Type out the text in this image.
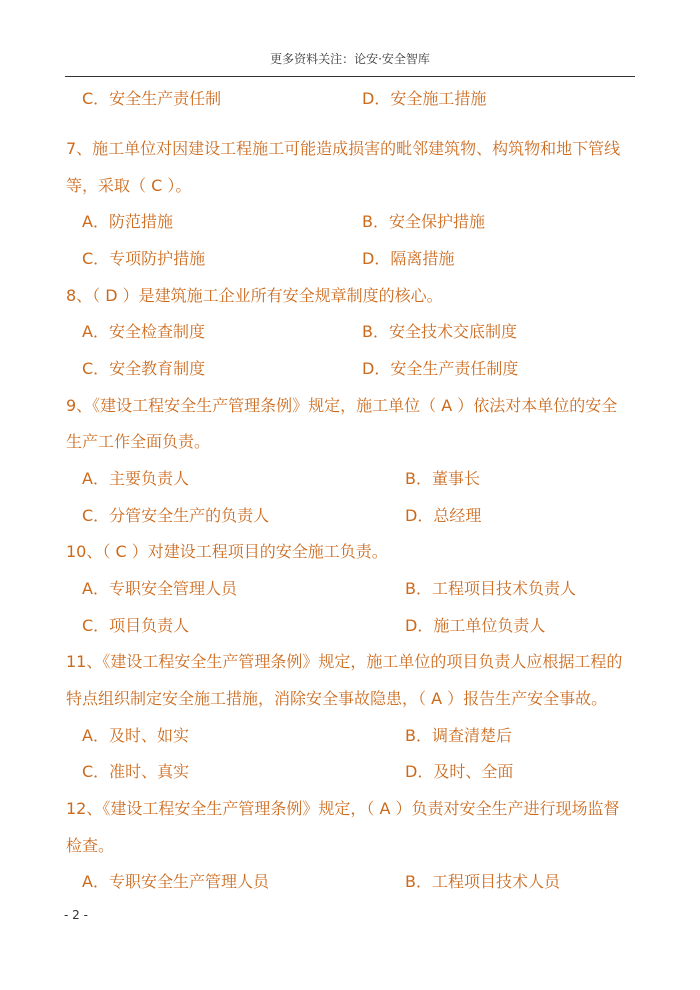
更多资料关注：论安·安全智库
C．安全生产责任制	D．安全施工措施
7、施工单位对因建设工程施工可能造成损害的毗邻建筑物、构筑物和地下管线
等，采取（ C ）。
A．防范措施	B．安全保护措施
C．专项防护措施	D．隔离措施
8、（ D ）是建筑施工企业所有安全规章制度的核心。
A．安全检查制度	B．安全技术交底制度
C．安全教育制度	D．安全生产责任制度
9、《建设工程安全生产管理条例》规定，施工单位（ A ）依法对本单位的安全
生产工作全面负责。
A．主要负责人	B．董事长
C．分管安全生产的负责人	D．总经理
10、（ C ）对建设工程项目的安全施工负责。
A．专职安全管理人员	B．工程项目技术负责人
C．项目负责人	D．施工单位负责人
11、《建设工程安全生产管理条例》规定，施工单位的项目负责人应根据工程的
特点组织制定安全施工措施，消除安全事故隐患，（ A ）报告生产安全事故。
A．及时、如实	B．调查清楚后
C．准时、真实	D．及时、全面
12、《建设工程安全生产管理条例》规定，（ A ）负责对安全生产进行现场监督
检查。
A．专职安全生产管理人员	B．工程项目技术人员
- 2 -
